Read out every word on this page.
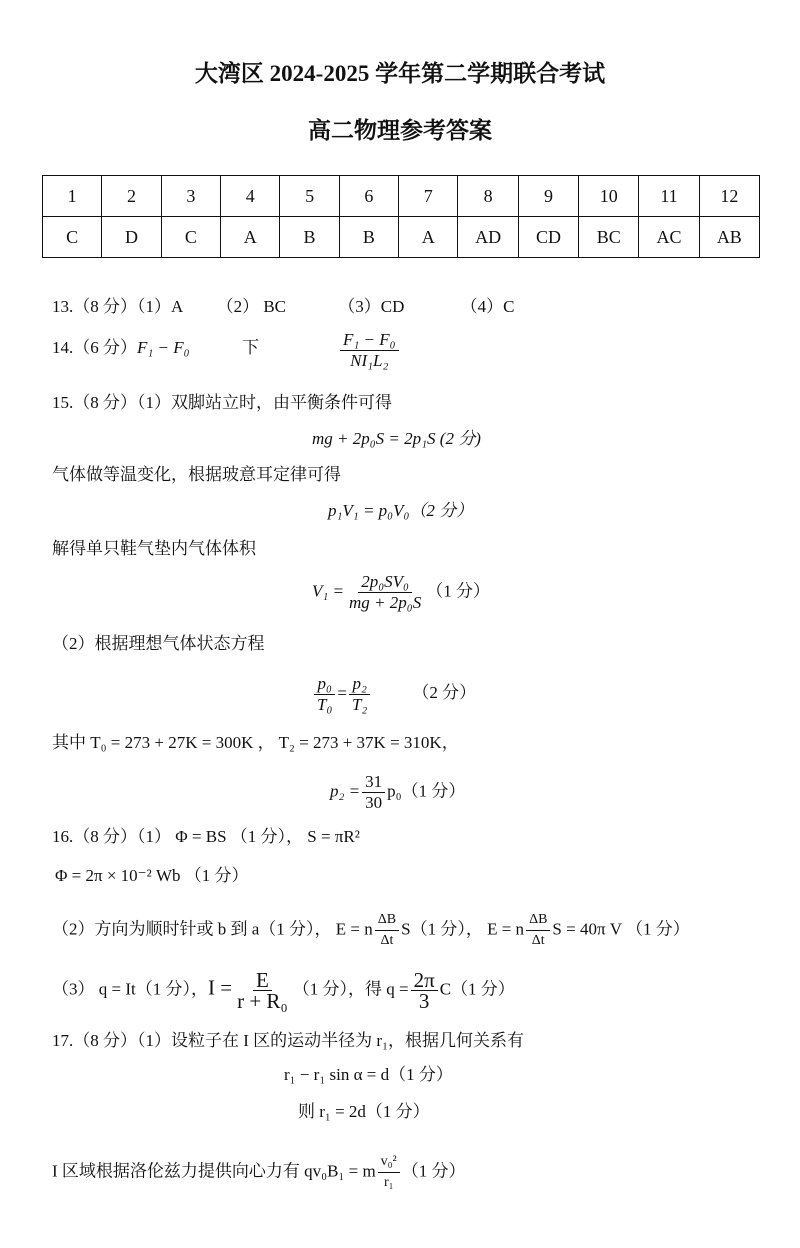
大湾区 2024-2025 学年第二学期联合考试
高二物理参考答案
1	2	3	4	5	6	7	8	9	10	11	12
C	D	C	A	B	B	A	AD	CD	BC	AC	AB
13.（8 分）（1）A （2） BC	（3）CD	（4）C
14.（6 分）F₁ − F₀	下	$\frac{\text{F₁ − F₀}}{\text{NI₁L₂}}$
15.（8 分）（1）双脚站立时，由平衡条件可得
mg + 2p₀S = 2p₁S (2 分)
气体做等温变化，根据玻意耳定律可得
p₁V₁ = p₀V₀（2 分）
解得单只鞋气垫内气体体积
$V_1 = \frac{\text{2p₀SV₀}}{\text{mg + 2p₀S}} (1$ 分）
（2）根据理想气体状态方程
$\frac{\text{p₀}}{\text{T₀}} = \frac{\text{p₂}}{\text{T₂}} (2$ 分）
其中 T₀ = 273 + 27K = 300K ， T₂ = 273 + 37K = 310K，
$p_2 = \frac{31}{30} p_0(1$ 分）
16.（8 分）（1） Φ = BS （1 分）， S = πR²
Φ = 2π × 10⁻² Wb （1 分）
（2）方向为顺时针或 b 到 a（1 分）， E = n $\frac{\Delta B}{\Delta t} S(1$ 分）， E = n $\frac{\Delta B}{\Delta t}$ S = 40π V （1 分）
（3） q = It（1 分），$I = \frac{E}{\text{r + R₀}} (1$ 分），得 $q = \frac{2\pi}{3} C(1$ 分）
17.（8 分）（1）设粒子在 I 区的运动半径为 r₁，根据几何关系有
r₁ − r₁ sin α = d（1 分）
则 r₁ = 2d（1 分）
I 区域根据洛伦兹力提供向心力有 qv₀B₁ = m $\frac{\text{v₀²}}{\text{r₁}} (1$ 分）
